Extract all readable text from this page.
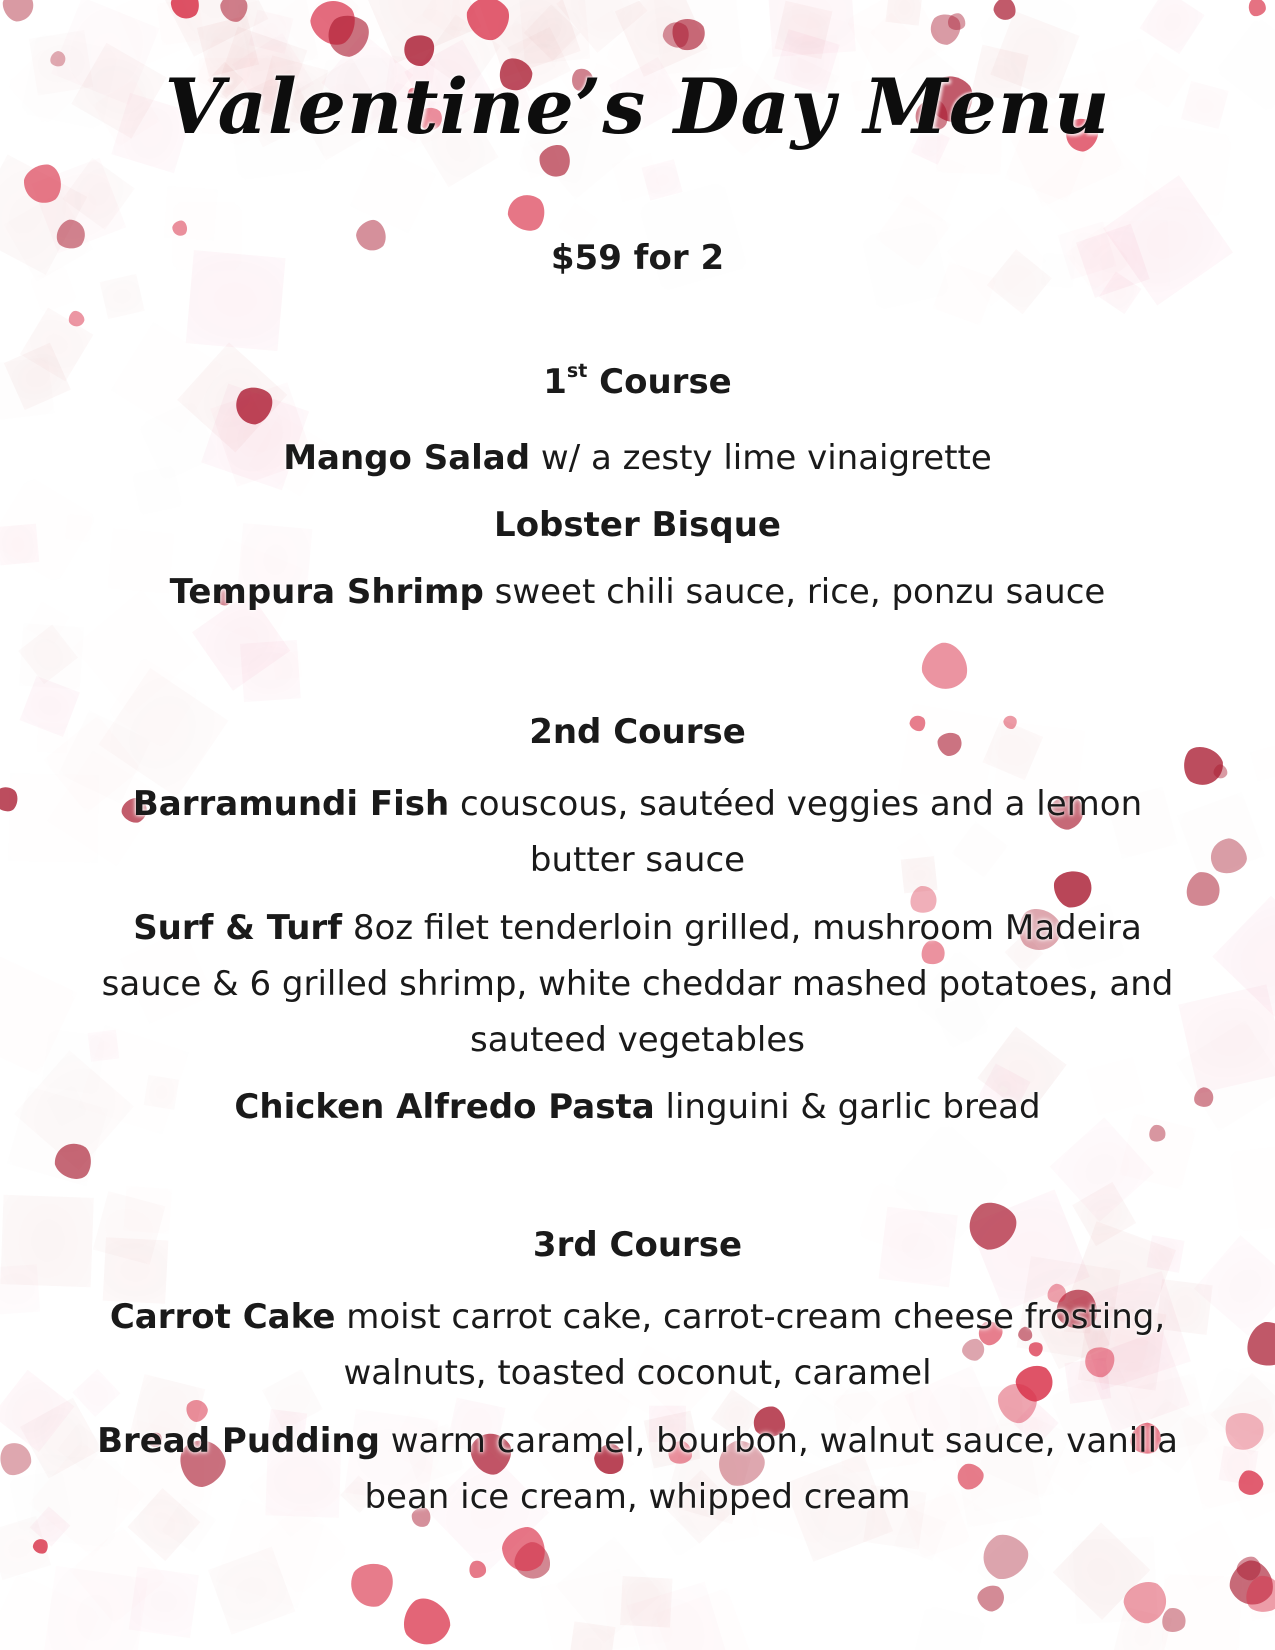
Valentine’s Day Menu
$59 for 2
1st Course
Mango Salad w/ a zesty lime vinaigrette
Lobster Bisque
Tempura Shrimp sweet chili sauce, rice, ponzu sauce
2nd Course
Barramundi Fish couscous, sautéed veggies and a lemon butter sauce
Surf & Turf 8oz filet tenderloin grilled, mushroom Madeira sauce & 6 grilled shrimp, white cheddar mashed potatoes, and sauteed vegetables
Chicken Alfredo Pasta linguini & garlic bread
3rd Course
Carrot Cake moist carrot cake, carrot-cream cheese frosting, walnuts, toasted coconut, caramel
Bread Pudding warm caramel, bourbon, walnut sauce, vanilla bean ice cream, whipped cream
